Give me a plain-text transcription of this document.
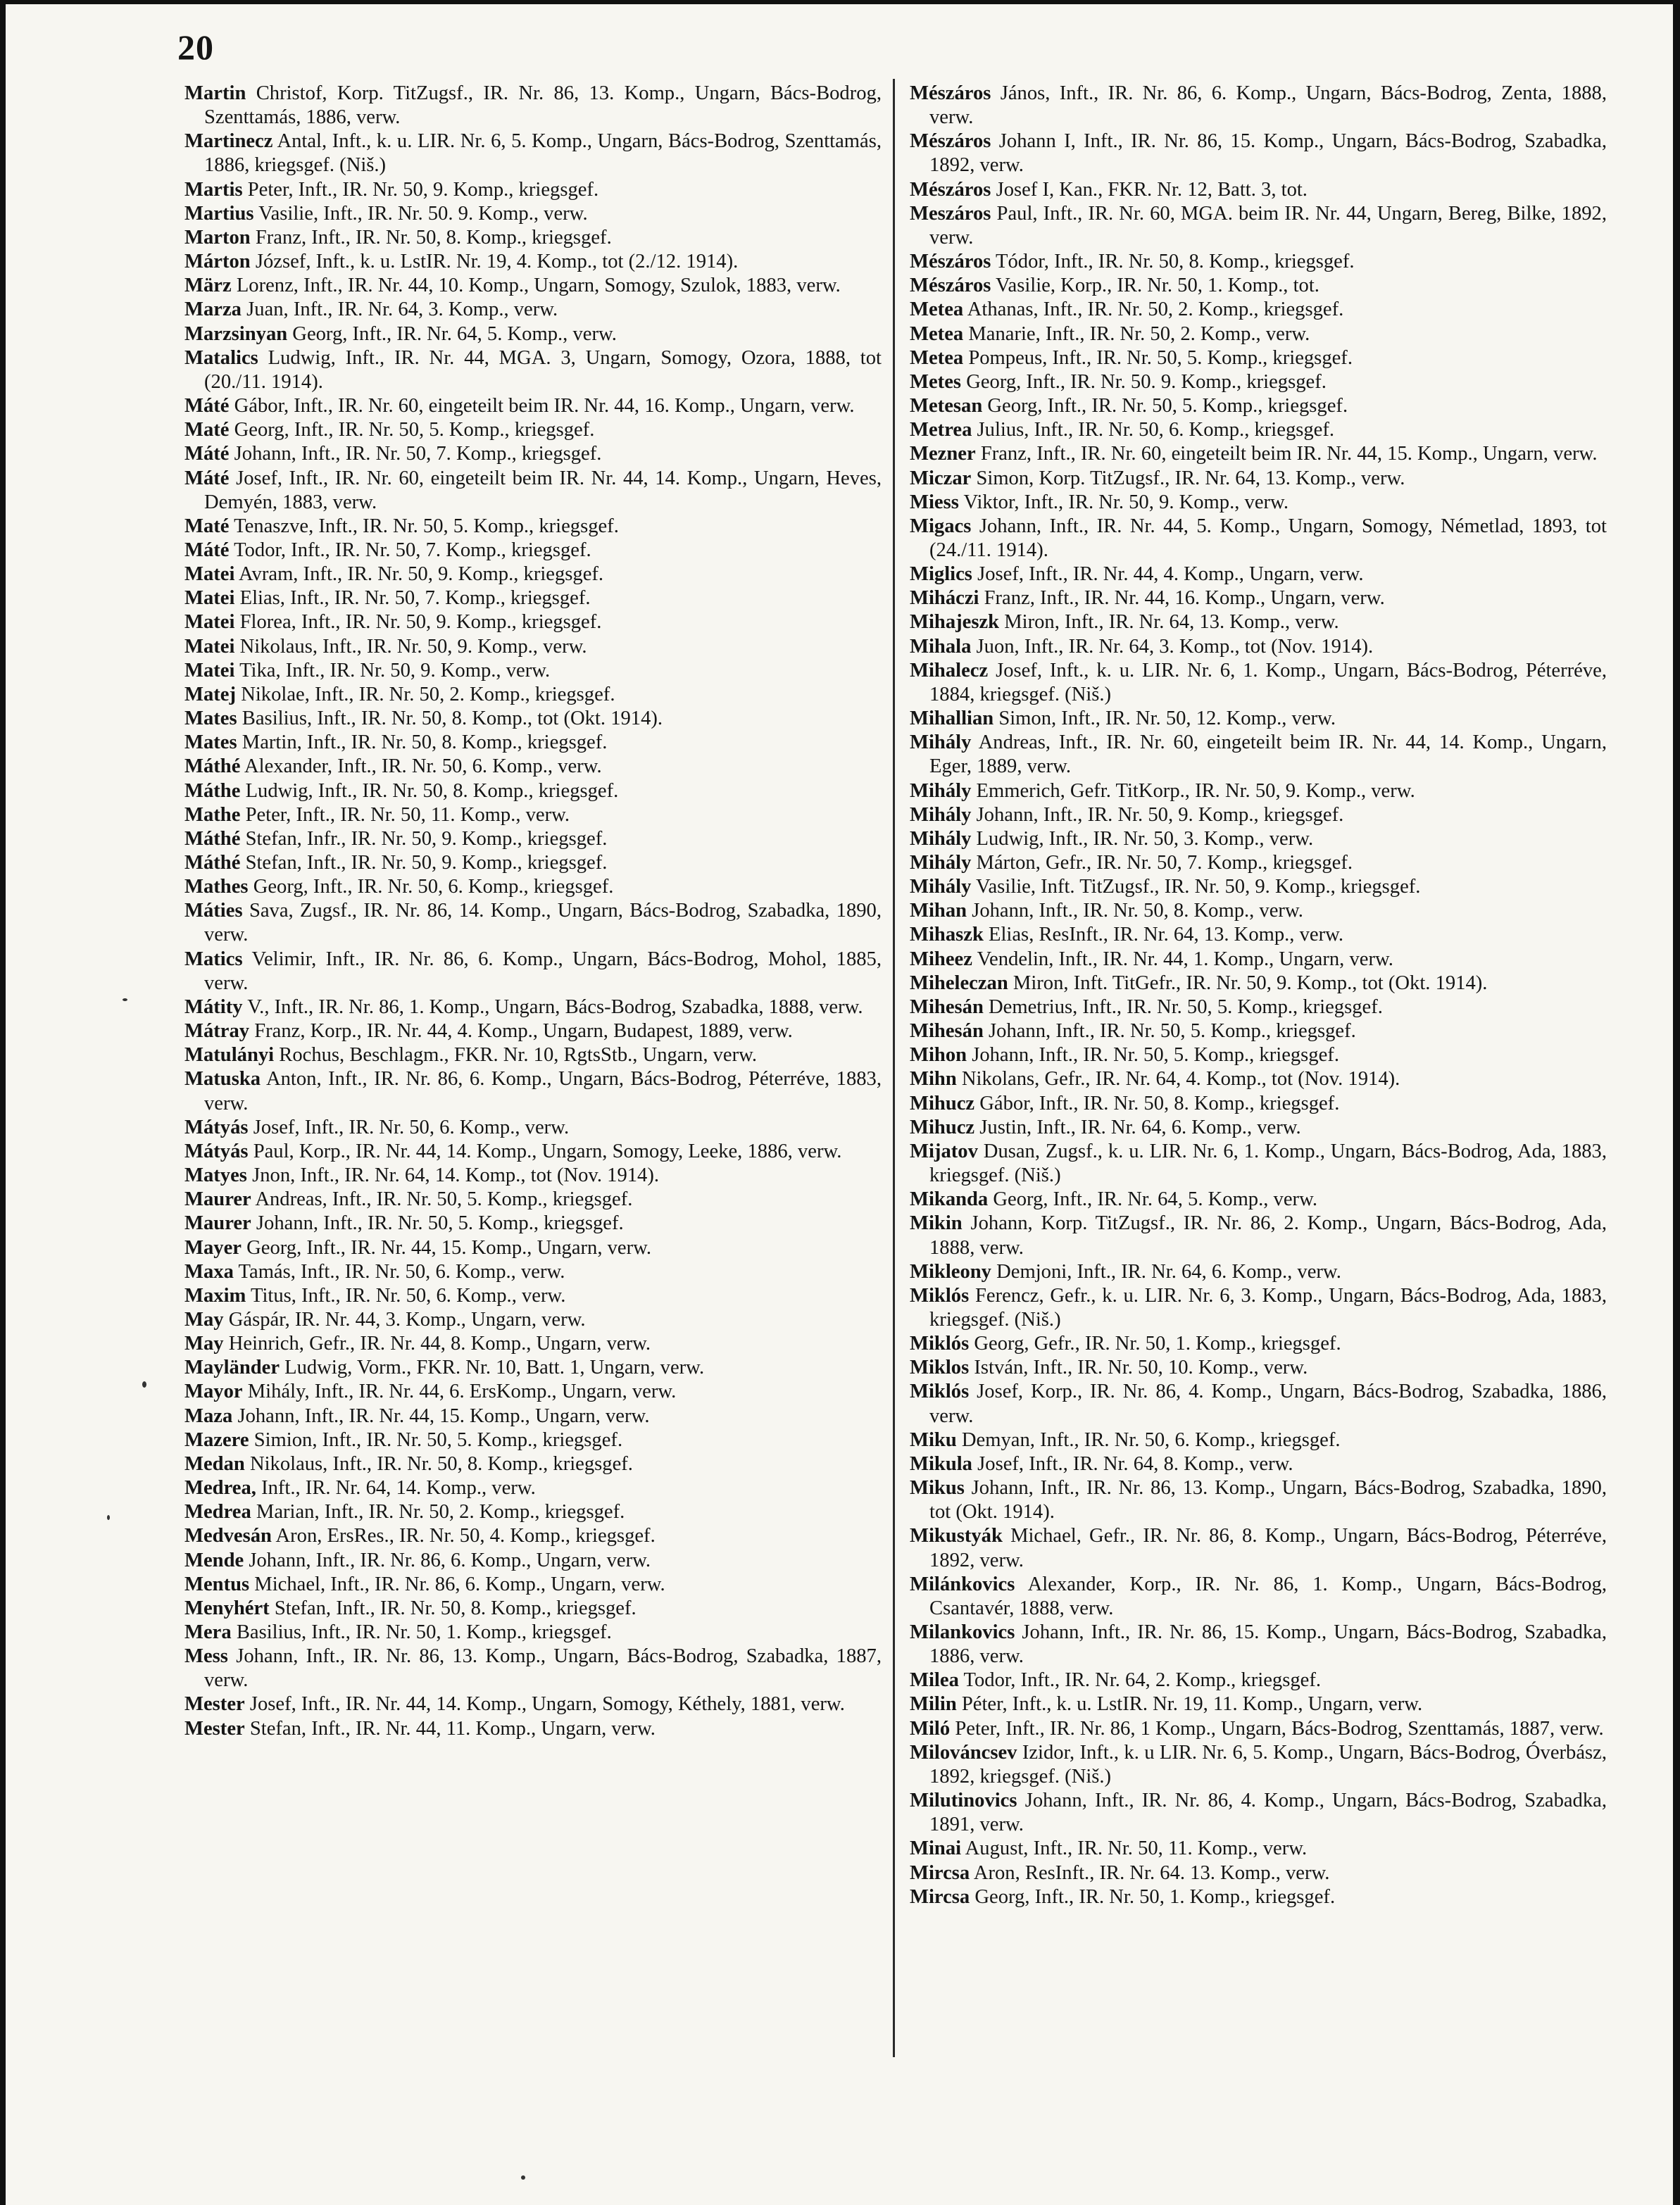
20

Martin Christof, Korp. TitZugsf., IR. Nr. 86, 13. Komp., Ungarn, Bács-Bodrog, Szenttamás, 1886, verw.

Martinecz Antal, Inft., k. u. LIR. Nr. 6, 5. Komp., Ungarn, Bács-Bodrog, Szenttamás, 1886, kriegsgef. (Niš.)

Martis Peter, Inft., IR. Nr. 50, 9. Komp., kriegsgef.

Martius Vasilie, Inft., IR. Nr. 50. 9. Komp., verw.

Marton Franz, Inft., IR. Nr. 50, 8. Komp., kriegsgef.

Márton József, Inft., k. u. LstIR. Nr. 19, 4. Komp., tot (2./12. 1914).

März Lorenz, Inft., IR. Nr. 44, 10. Komp., Ungarn, Somogy, Szulok, 1883, verw.

Marza Juan, Inft., IR. Nr. 64, 3. Komp., verw.

Marzsinyan Georg, Inft., IR. Nr. 64, 5. Komp., verw.

Matalics Ludwig, Inft., IR. Nr. 44, MGA. 3, Ungarn, Somogy, Ozora, 1888, tot (20./11. 1914).

Máté Gábor, Inft., IR. Nr. 60, eingeteilt beim IR. Nr. 44, 16. Komp., Ungarn, verw.

Maté Georg, Inft., IR. Nr. 50, 5. Komp., kriegsgef.

Máté Johann, Inft., IR. Nr. 50, 7. Komp., kriegsgef.

Máté Josef, Inft., IR. Nr. 60, eingeteilt beim IR. Nr. 44, 14. Komp., Ungarn, Heves, Demyén, 1883, verw.

Maté Tenaszve, Inft., IR. Nr. 50, 5. Komp., kriegsgef.

Máté Todor, Inft., IR. Nr. 50, 7. Komp., kriegsgef.

Matei Avram, Inft., IR. Nr. 50, 9. Komp., kriegsgef.

Matei Elias, Inft., IR. Nr. 50, 7. Komp., kriegsgef.

Matei Florea, Inft., IR. Nr. 50, 9. Komp., kriegsgef.

Matei Nikolaus, Inft., IR. Nr. 50, 9. Komp., verw.

Matei Tika, Inft., IR. Nr. 50, 9. Komp., verw.

Matej Nikolae, Inft., IR. Nr. 50, 2. Komp., kriegsgef.

Mates Basilius, Inft., IR. Nr. 50, 8. Komp., tot (Okt. 1914).

Mates Martin, Inft., IR. Nr. 50, 8. Komp., kriegsgef.

Máthé Alexander, Inft., IR. Nr. 50, 6. Komp., verw.

Máthe Ludwig, Inft., IR. Nr. 50, 8. Komp., kriegsgef.

Mathe Peter, Inft., IR. Nr. 50, 11. Komp., verw.

Máthé Stefan, Infr., IR. Nr. 50, 9. Komp., kriegsgef.

Máthé Stefan, Inft., IR. Nr. 50, 9. Komp., kriegsgef.

Mathes Georg, Inft., IR. Nr. 50, 6. Komp., kriegsgef.

Máties Sava, Zugsf., IR. Nr. 86, 14. Komp., Ungarn, Bács-Bodrog, Szabadka, 1890, verw.

Matics Velimir, Inft., IR. Nr. 86, 6. Komp., Ungarn, Bács-Bodrog, Mohol, 1885, verw.

Mátity V., Inft., IR. Nr. 86, 1. Komp., Ungarn, Bács-Bodrog, Szabadka, 1888, verw.

Mátray Franz, Korp., IR. Nr. 44, 4. Komp., Ungarn, Budapest, 1889, verw.

Matulányi Rochus, Beschlagm., FKR. Nr. 10, RgtsStb., Ungarn, verw.

Matuska Anton, Inft., IR. Nr. 86, 6. Komp., Ungarn, Bács-Bodrog, Péterréve, 1883, verw.

Mátyás Josef, Inft., IR. Nr. 50, 6. Komp., verw.

Mátyás Paul, Korp., IR. Nr. 44, 14. Komp., Ungarn, Somogy, Leeke, 1886, verw.

Matyes Jnon, Inft., IR. Nr. 64, 14. Komp., tot (Nov. 1914).

Maurer Andreas, Inft., IR. Nr. 50, 5. Komp., kriegsgef.

Maurer Johann, Inft., IR. Nr. 50, 5. Komp., kriegsgef.

Mayer Georg, Inft., IR. Nr. 44, 15. Komp., Ungarn, verw.

Maxa Tamás, Inft., IR. Nr. 50, 6. Komp., verw.

Maxim Titus, Inft., IR. Nr. 50, 6. Komp., verw.

May Gáspár, IR. Nr. 44, 3. Komp., Ungarn, verw.

May Heinrich, Gefr., IR. Nr. 44, 8. Komp., Ungarn, verw.

Mayländer Ludwig, Vorm., FKR. Nr. 10, Batt. 1, Ungarn, verw.

Mayor Mihály, Inft., IR. Nr. 44, 6. ErsKomp., Ungarn, verw.

Maza Johann, Inft., IR. Nr. 44, 15. Komp., Ungarn, verw.

Mazere Simion, Inft., IR. Nr. 50, 5. Komp., kriegsgef.

Medan Nikolaus, Inft., IR. Nr. 50, 8. Komp., kriegsgef.

Medrea, Inft., IR. Nr. 64, 14. Komp., verw.

Medrea Marian, Inft., IR. Nr. 50, 2. Komp., kriegsgef.

Medvesán Aron, ErsRes., IR. Nr. 50, 4. Komp., kriegsgef.

Mende Johann, Inft., IR. Nr. 86, 6. Komp., Ungarn, verw.

Mentus Michael, Inft., IR. Nr. 86, 6. Komp., Ungarn, verw.

Menyhért Stefan, Inft., IR. Nr. 50, 8. Komp., kriegsgef.

Mera Basilius, Inft., IR. Nr. 50, 1. Komp., kriegsgef.

Mess Johann, Inft., IR. Nr. 86, 13. Komp., Ungarn, Bács-Bodrog, Szabadka, 1887, verw.

Mester Josef, Inft., IR. Nr. 44, 14. Komp., Ungarn, Somogy, Kéthely, 1881, verw.

Mester Stefan, Inft., IR. Nr. 44, 11. Komp., Ungarn, verw.

Mészáros János, Inft., IR. Nr. 86, 6. Komp., Ungarn, Bács-Bodrog, Zenta, 1888, verw.

Mészáros Johann I, Inft., IR. Nr. 86, 15. Komp., Ungarn, Bács-Bodrog, Szabadka, 1892, verw.

Mészáros Josef I, Kan., FKR. Nr. 12, Batt. 3, tot.

Meszáros Paul, Inft., IR. Nr. 60, MGA. beim IR. Nr. 44, Ungarn, Bereg, Bilke, 1892, verw.

Mészáros Tódor, Inft., IR. Nr. 50, 8. Komp., kriegsgef.

Mészáros Vasilie, Korp., IR. Nr. 50, 1. Komp., tot.

Metea Athanas, Inft., IR. Nr. 50, 2. Komp., kriegsgef.

Metea Manarie, Inft., IR. Nr. 50, 2. Komp., verw.

Metea Pompeus, Inft., IR. Nr. 50, 5. Komp., kriegsgef.

Metes Georg, Inft., IR. Nr. 50. 9. Komp., kriegsgef.

Metesan Georg, Inft., IR. Nr. 50, 5. Komp., kriegsgef.

Metrea Julius, Inft., IR. Nr. 50, 6. Komp., kriegsgef.

Mezner Franz, Inft., IR. Nr. 60, eingeteilt beim IR. Nr. 44, 15. Komp., Ungarn, verw.

Miczar Simon, Korp. TitZugsf., IR. Nr. 64, 13. Komp., verw.

Miess Viktor, Inft., IR. Nr. 50, 9. Komp., verw.

Migacs Johann, Inft., IR. Nr. 44, 5. Komp., Ungarn, Somogy, Németlad, 1893, tot (24./11. 1914).

Miglics Josef, Inft., IR. Nr. 44, 4. Komp., Ungarn, verw.

Miháczi Franz, Inft., IR. Nr. 44, 16. Komp., Ungarn, verw.

Mihajeszk Miron, Inft., IR. Nr. 64, 13. Komp., verw.

Mihala Juon, Inft., IR. Nr. 64, 3. Komp., tot (Nov. 1914).

Mihalecz Josef, Inft., k. u. LIR. Nr. 6, 1. Komp., Ungarn, Bács-Bodrog, Péterréve, 1884, kriegsgef. (Niš.)

Mihallian Simon, Inft., IR. Nr. 50, 12. Komp., verw.

Mihály Andreas, Inft., IR. Nr. 60, eingeteilt beim IR. Nr. 44, 14. Komp., Ungarn, Eger, 1889, verw.

Mihály Emmerich, Gefr. TitKorp., IR. Nr. 50, 9. Komp., verw.

Mihály Johann, Inft., IR. Nr. 50, 9. Komp., kriegsgef.

Mihály Ludwig, Inft., IR. Nr. 50, 3. Komp., verw.

Mihály Márton, Gefr., IR. Nr. 50, 7. Komp., kriegsgef.

Mihály Vasilie, Inft. TitZugsf., IR. Nr. 50, 9. Komp., kriegsgef.

Mihan Johann, Inft., IR. Nr. 50, 8. Komp., verw.

Mihaszk Elias, ResInft., IR. Nr. 64, 13. Komp., verw.

Miheez Vendelin, Inft., IR. Nr. 44, 1. Komp., Ungarn, verw.

Miheleczan Miron, Inft. TitGefr., IR. Nr. 50, 9. Komp., tot (Okt. 1914).

Mihesán Demetrius, Inft., IR. Nr. 50, 5. Komp., kriegsgef.

Mihesán Johann, Inft., IR. Nr. 50, 5. Komp., kriegsgef.

Mihon Johann, Inft., IR. Nr. 50, 5. Komp., kriegsgef.

Mihn Nikolans, Gefr., IR. Nr. 64, 4. Komp., tot (Nov. 1914).

Mihucz Gábor, Inft., IR. Nr. 50, 8. Komp., kriegsgef.

Mihucz Justin, Inft., IR. Nr. 64, 6. Komp., verw.

Mijatov Dusan, Zugsf., k. u. LIR. Nr. 6, 1. Komp., Ungarn, Bács-Bodrog, Ada, 1883, kriegsgef. (Niš.)

Mikanda Georg, Inft., IR. Nr. 64, 5. Komp., verw.

Mikin Johann, Korp. TitZugsf., IR. Nr. 86, 2. Komp., Ungarn, Bács-Bodrog, Ada, 1888, verw.

Mikleony Demjoni, Inft., IR. Nr. 64, 6. Komp., verw.

Miklós Ferencz, Gefr., k. u. LIR. Nr. 6, 3. Komp., Ungarn, Bács-Bodrog, Ada, 1883, kriegsgef. (Niš.)

Miklós Georg, Gefr., IR. Nr. 50, 1. Komp., kriegsgef.

Miklos István, Inft., IR. Nr. 50, 10. Komp., verw.

Miklós Josef, Korp., IR. Nr. 86, 4. Komp., Ungarn, Bács-Bodrog, Szabadka, 1886, verw.

Miku Demyan, Inft., IR. Nr. 50, 6. Komp., kriegsgef.

Mikula Josef, Inft., IR. Nr. 64, 8. Komp., verw.

Mikus Johann, Inft., IR. Nr. 86, 13. Komp., Ungarn, Bács-Bodrog, Szabadka, 1890, tot (Okt. 1914).

Mikustyák Michael, Gefr., IR. Nr. 86, 8. Komp., Ungarn, Bács-Bodrog, Péterréve, 1892, verw.

Milánkovics Alexander, Korp., IR. Nr. 86, 1. Komp., Ungarn, Bács-Bodrog, Csantavér, 1888, verw.

Milankovics Johann, Inft., IR. Nr. 86, 15. Komp., Ungarn, Bács-Bodrog, Szabadka, 1886, verw.

Milea Todor, Inft., IR. Nr. 64, 2. Komp., kriegsgef.

Milin Péter, Inft., k. u. LstIR. Nr. 19, 11. Komp., Ungarn, verw.

Miló Peter, Inft., IR. Nr. 86, 1 Komp., Ungarn, Bács-Bodrog, Szenttamás, 1887, verw.

Milováncsev Izidor, Inft., k. u LIR. Nr. 6, 5. Komp., Ungarn, Bács-Bodrog, Óverbász, 1892, kriegsgef. (Niš.)

Milutinovics Johann, Inft., IR. Nr. 86, 4. Komp., Ungarn, Bács-Bodrog, Szabadka, 1891, verw.

Minai August, Inft., IR. Nr. 50, 11. Komp., verw.

Mircsa Aron, ResInft., IR. Nr. 64. 13. Komp., verw.

Mircsa Georg, Inft., IR. Nr. 50, 1. Komp., kriegsgef.
